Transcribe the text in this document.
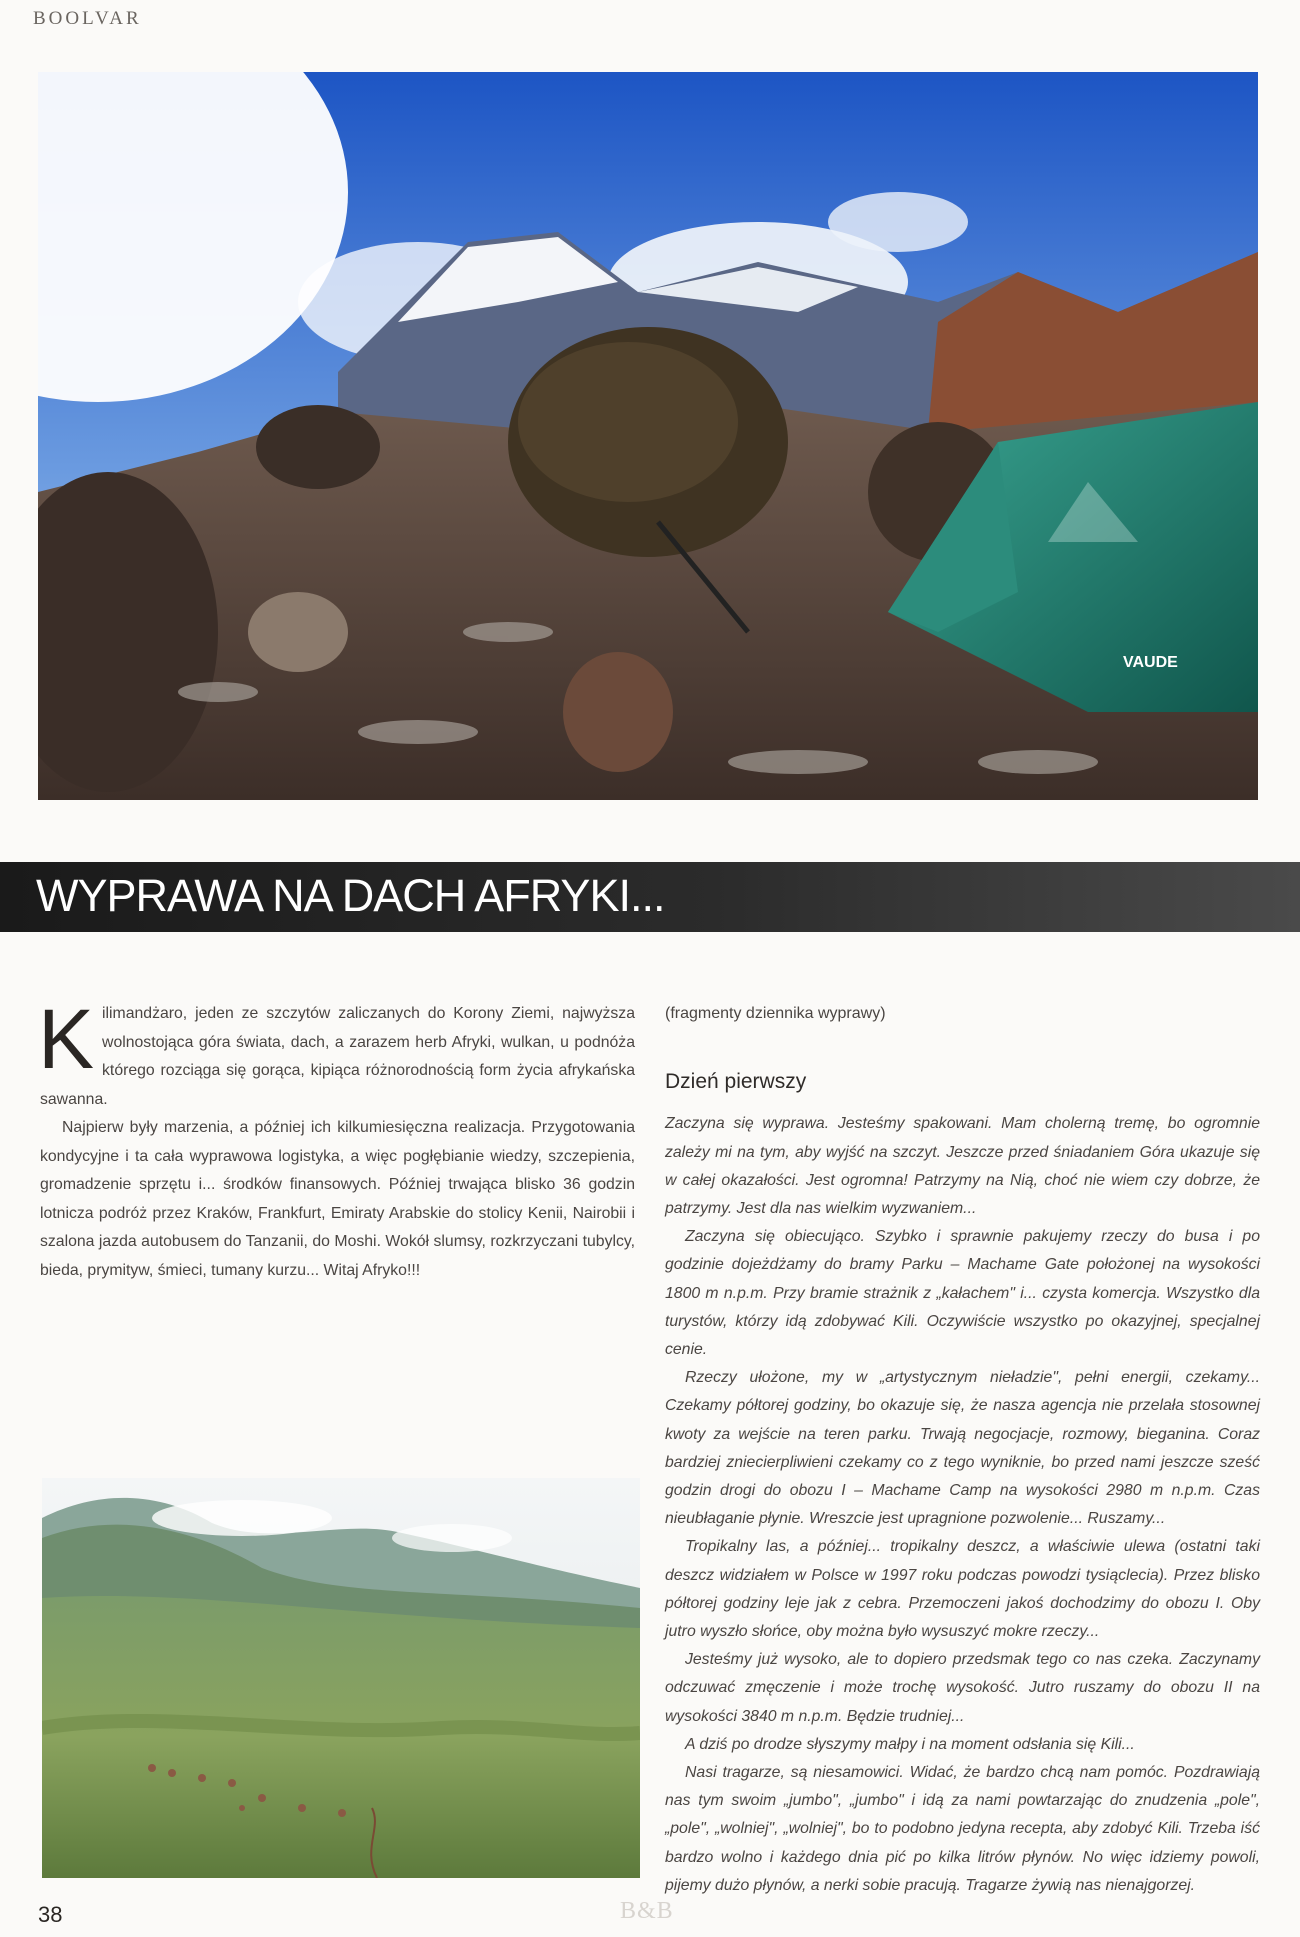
BOOLVAR
VAUDE
WYPRAWA NA DACH AFRYKI...

Kilimandżaro, jeden ze szczytów zaliczanych do Korony Ziemi, najwyższa wolnostojąca góra świata, dach, a zarazem herb Afryki, wulkan, u podnóża którego rozciąga się gorąca, kipiąca różnorodnością form życia afrykańska sawanna.

Najpierw były marzenia, a później ich kilkumiesięczna realizacja. Przygotowania kondycyjne i ta cała wyprawowa logistyka, a więc pogłębianie wiedzy, szczepienia, gromadzenie sprzętu i... środków finansowych. Później trwająca blisko 36 godzin lotnicza podróż przez Kraków, Frankfurt, Emiraty Arabskie do stolicy Kenii, Nairobii i szalona jazda autobusem do Tanzanii, do Moshi. Wokół slumsy, rozkrzyczani tubylcy, bieda, prymityw, śmieci, tumany kurzu... Witaj Afryko!!!

(fragmenty dziennika wyprawy)
Dzień pierwszy

Zaczyna się wyprawa. Jesteśmy spakowani. Mam cholerną tremę, bo ogromnie zależy mi na tym, aby wyjść na szczyt. Jeszcze przed śniadaniem Góra ukazuje się w całej okazałości. Jest ogromna! Patrzymy na Nią, choć nie wiem czy dobrze, że patrzymy. Jest dla nas wielkim wyzwaniem...

Zaczyna się obiecująco. Szybko i sprawnie pakujemy rzeczy do busa i po godzinie dojeżdżamy do bramy Parku – Machame Gate położonej na wysokości 1800 m n.p.m. Przy bramie strażnik z „kałachem" i... czysta komercja. Wszystko dla turystów, którzy idą zdobywać Kili. Oczywiście wszystko po okazyjnej, specjalnej cenie.

Rzeczy ułożone, my w „artystycznym nieładzie", pełni energii, czekamy... Czekamy półtorej godziny, bo okazuje się, że nasza agencja nie przelała stosownej kwoty za wejście na teren parku. Trwają negocjacje, rozmowy, bieganina. Coraz bardziej zniecierpliwieni czekamy co z tego wyniknie, bo przed nami jeszcze sześć godzin drogi do obozu I – Machame Camp na wysokości 2980 m n.p.m. Czas nieubłaganie płynie. Wreszcie jest upragnione pozwolenie... Ruszamy...

Tropikalny las, a później... tropikalny deszcz, a właściwie ulewa (ostatni taki deszcz widziałem w Polsce w 1997 roku podczas powodzi tysiąclecia). Przez blisko półtorej godziny leje jak z cebra. Przemoczeni jakoś dochodzimy do obozu I. Oby jutro wyszło słońce, oby można było wysuszyć mokre rzeczy...

Jesteśmy już wysoko, ale to dopiero przedsmak tego co nas czeka. Zaczynamy odczuwać zmęczenie i może trochę wysokość. Jutro ruszamy do obozu II na wysokości 3840 m n.p.m. Będzie trudniej...

A dziś po drodze słyszymy małpy i na moment odsłania się Kili...

Nasi tragarze, są niesamowici. Widać, że bardzo chcą nam pomóc. Pozdrawiają nas tym swoim „jumbo", „jumbo" i idą za nami powtarzając do znudzenia „pole", „pole", „wolniej", „wolniej", bo to podobno jedyna recepta, aby zdobyć Kili. Trzeba iść bardzo wolno i każdego dnia pić po kilka litrów płynów. No więc idziemy powoli, pijemy dużo płynów, a nerki sobie pracują. Tragarze żywią nas nienajgorzej.

38	B&B
